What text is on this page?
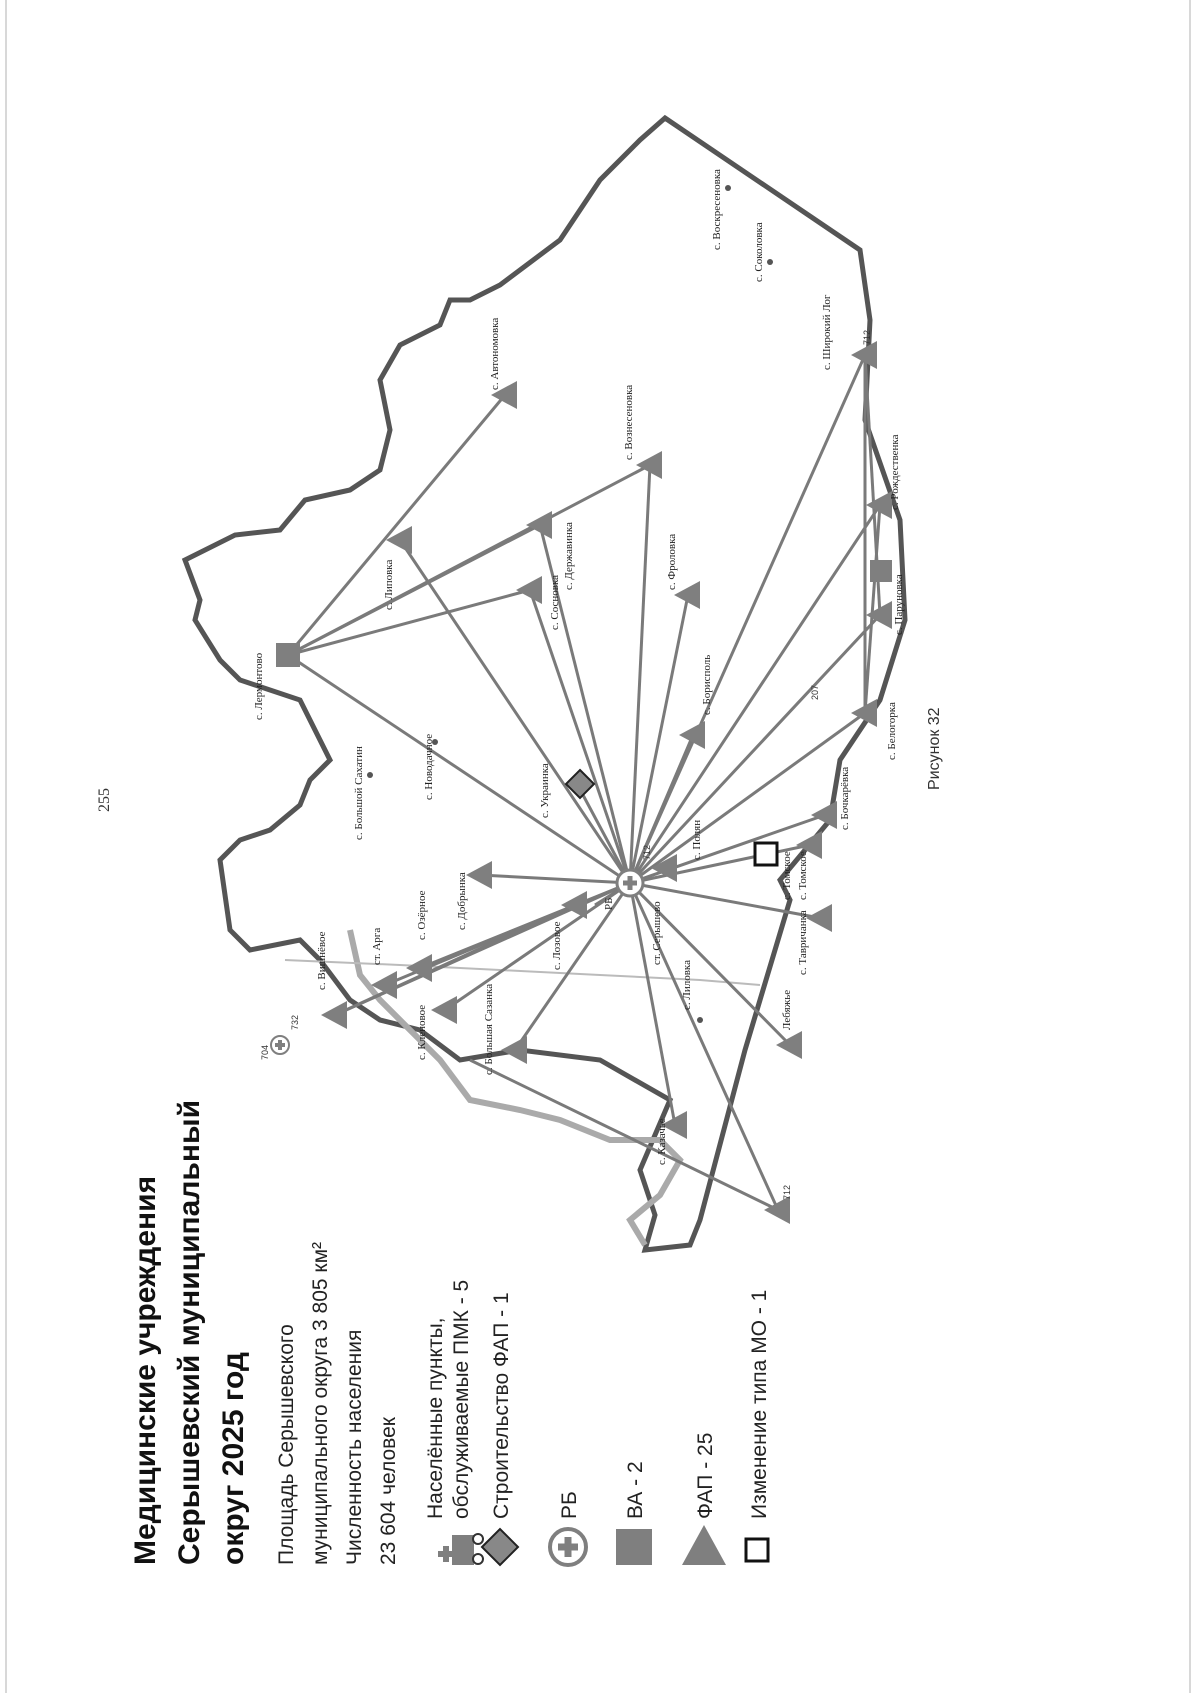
255
Рисунок 32
РБ
712
с. Лермонтово
с. Большой Сахатин	с. Новодачное
с. Добрынка
с. Украинка
с. Лозовое
с. Озёрное
ст. Арга
с. Вишнёвое
с. Кленовое	с. Большая Сазанка
с. Казачье
с. Лиловка
ст. Серышево
Лебяжье
с. Тавричанка
с. Томское с. Томское
с. Бочкарёвка
с. Белогорка
с. Борисполь
с. Фроловка
с. Державинка
с. Сосновка
с. Липовка
с. Вознесеновка
с. Автономовка
с. Паруновка
с. Рождественка
с. Широкий Лог
с. Соколовка
с. Воскресеновка
с. Полян
704
732
712
712
207
Медицинские учреждения Серышевский муниципальный округ 2025 год Площадь Серышевского муниципального округа 3 805 км² Численность населения 23 604 человек Населённые пункты, обслуживаемые ПМК - 5 Строительство ФАП - 1 РБ ВА - 2 ФАП - 25 Изменение типа МО - 1
